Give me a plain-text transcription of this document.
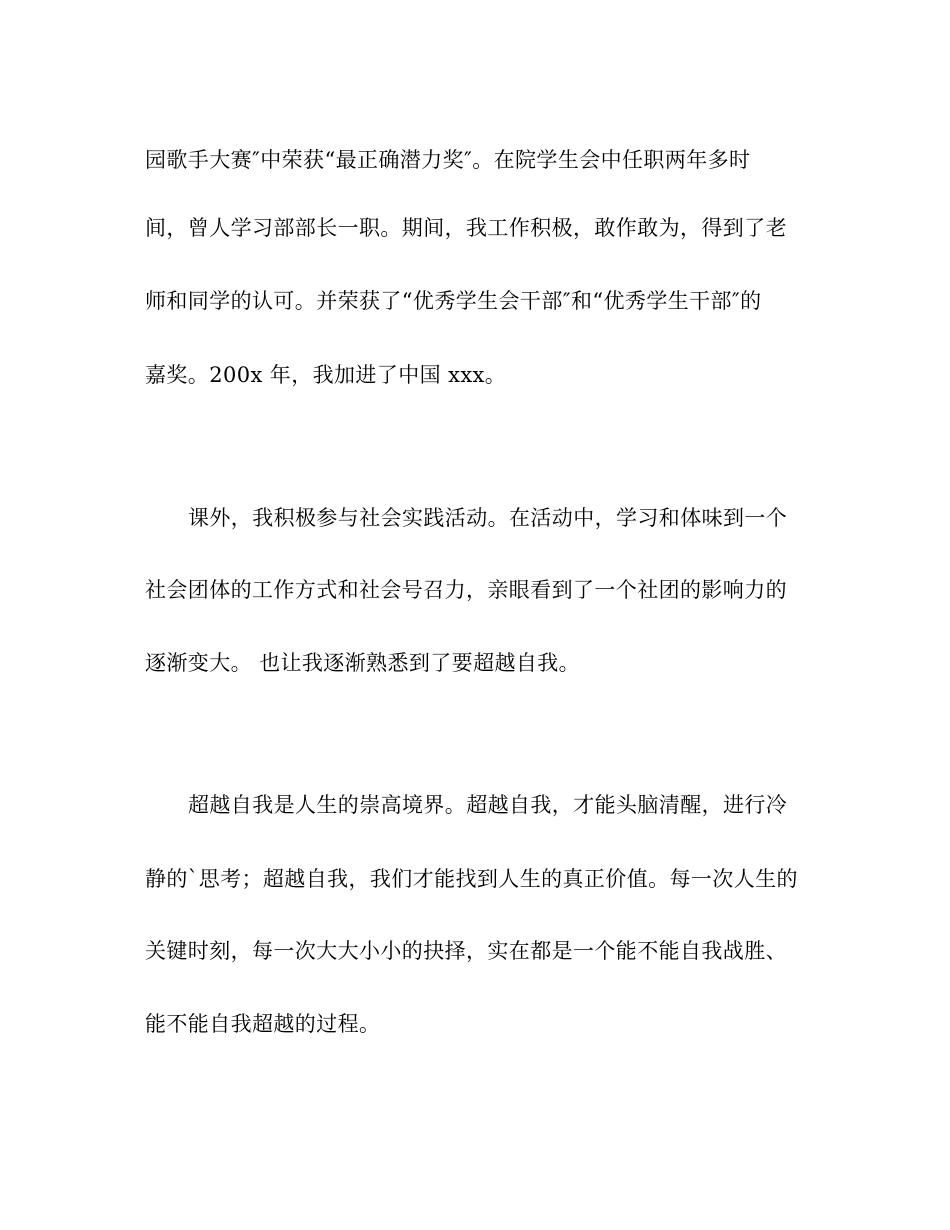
园歌手大赛″中荣获“最正确潜力奖″。在院学生会中任职两年多时
间，曾人学习部部长一职。期间，我工作积极，敢作敢为，得到了老
师和同学的认可。并荣获了“优秀学生会干部″和“优秀学生干部″的
嘉奖。200x 年，我加进了中国 xxx。
课外，我积极参与社会实践活动。在活动中，学习和体味到一个
社会团体的工作方式和社会号召力，亲眼看到了一个社团的影响力的
逐渐变大。 也让我逐渐熟悉到了要超越自我。
超越自我是人生的崇高境界。超越自我，才能头脑清醒，进行冷
静的`思考；超越自我，我们才能找到人生的真正价值。每一次人生的
关键时刻，每一次大大小小的抉择，实在都是一个能不能自我战胜、
能不能自我超越的过程。
